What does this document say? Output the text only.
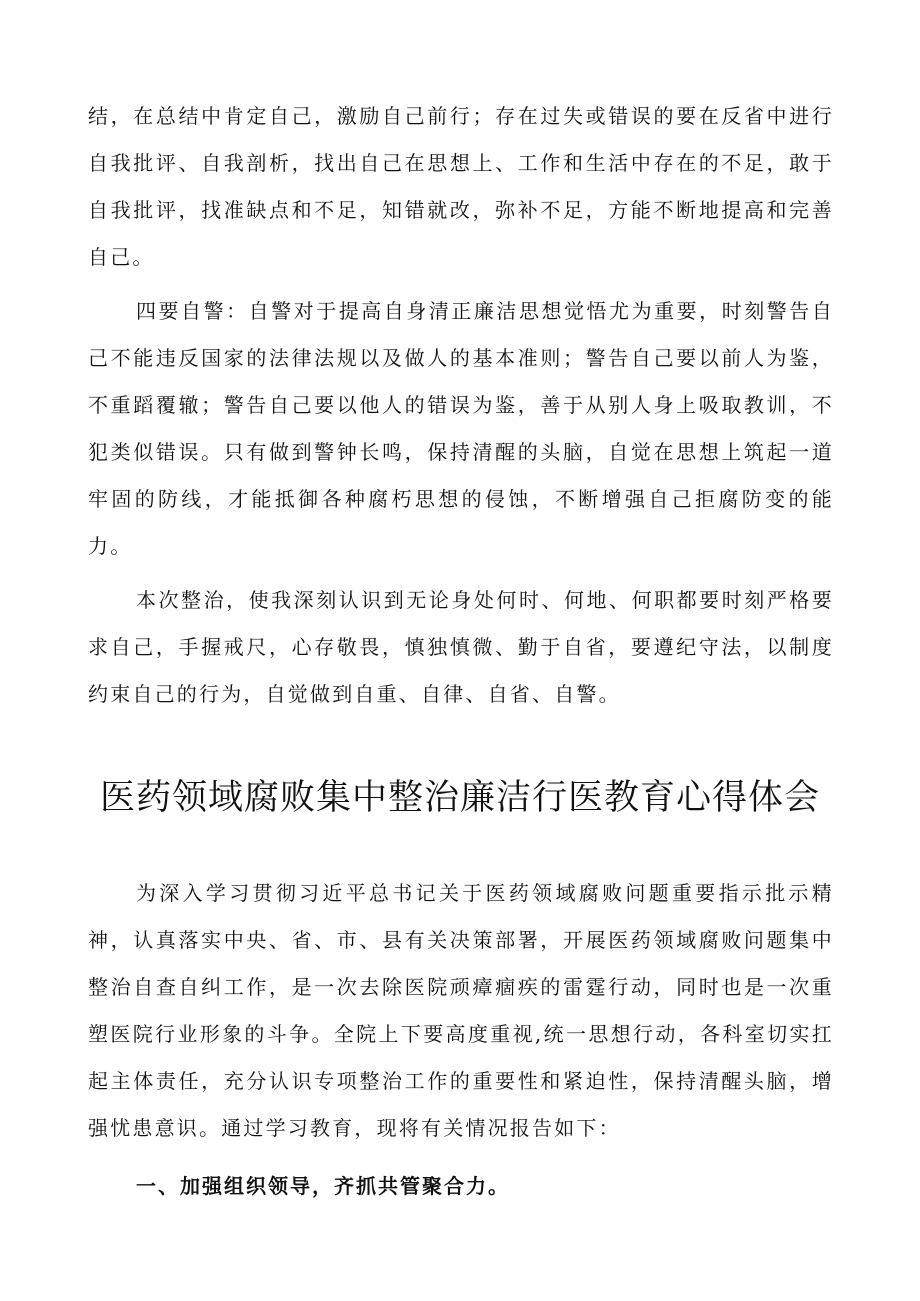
结，在总结中肯定自己，激励自己前行；存在过失或错误的要在反省中进行自我批评、自我剖析，找出自己在思想上、工作和生活中存在的不足，敢于自我批评，找准缺点和不足，知错就改，弥补不足，方能不断地提高和完善自己。

四要自警：自警对于提高自身清正廉洁思想觉悟尤为重要，时刻警告自己不能违反国家的法律法规以及做人的基本准则；警告自己要以前人为鉴，不重蹈覆辙；警告自己要以他人的错误为鉴，善于从别人身上吸取教训，不犯类似错误。只有做到警钟长鸣，保持清醒的头脑，自觉在思想上筑起一道牢固的防线，才能抵御各种腐朽思想的侵蚀，不断增强自己拒腐防变的能力。

本次整治，使我深刻认识到无论身处何时、何地、何职都要时刻严格要求自己，手握戒尺，心存敬畏，慎独慎微、勤于自省，要遵纪守法，以制度约束自己的行为，自觉做到自重、自律、自省、自警。

医药领域腐败集中整治廉洁行医教育心得体会

为深入学习贯彻习近平总书记关于医药领域腐败问题重要指示批示精神，认真落实中央、省、市、县有关决策部署，开展医药领域腐败问题集中整治自查自纠工作，是一次去除医院顽瘴痼疾的雷霆行动，同时也是一次重塑医院行业形象的斗争。全院上下要高度重视,统一思想行动，各科室切实扛起主体责任，充分认识专项整治工作的重要性和紧迫性，保持清醒头脑，增强忧患意识。通过学习教育，现将有关情况报告如下：

一、加强组织领导，齐抓共管聚合力。
